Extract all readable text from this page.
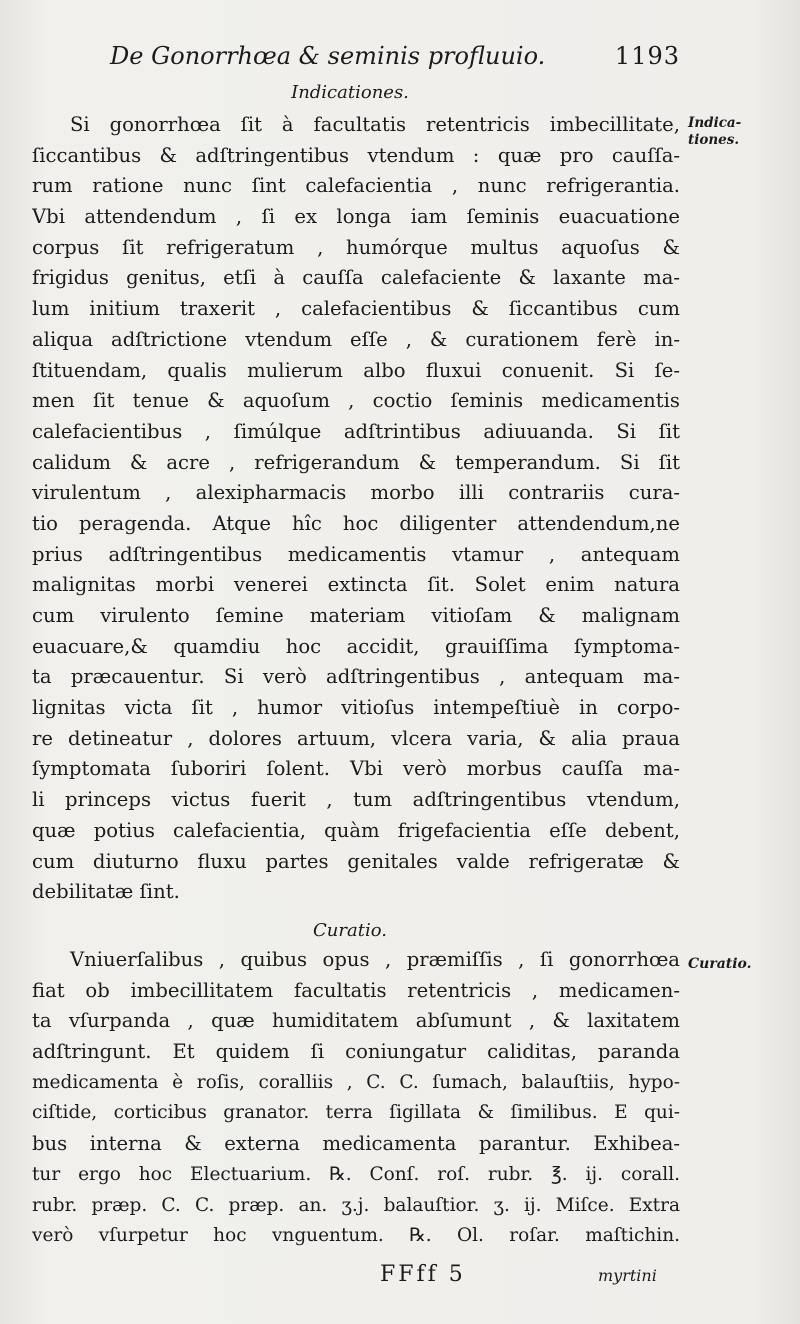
De Gonorrhœa & seminis profluuio.	1193
Indicationes.
Indica-
tiones.
Si gonorrhœa ſit à facultatis retentricis imbecillitate,
ſiccantibus & adſtringentibus vtendum : quæ pro cauſſa-
rum ratione nunc ſint calefacientia , nunc refrigerantia.
Vbi attendendum , ſi ex longa iam ſeminis euacuatione
corpus ſit refrigeratum , humórque multus aquoſus &
frigidus genitus, etſi à cauſſa calefaciente & laxante ma-
lum initium traxerit , calefacientibus & ſiccantibus cum
aliqua adſtrictione vtendum eſſe , & curationem ferè in-
ſtituendam, qualis mulierum albo fluxui conuenit. Si ſe-
men ſit tenue & aquoſum , coctio ſeminis medicamentis
calefacientibus , ſimúlque adſtrintibus adiuuanda. Si ſit
calidum & acre , refrigerandum & temperandum. Si ſit
virulentum , alexipharmacis morbo illi contrariis cura-
tio peragenda. Atque hîc hoc diligenter attendendum,ne
prius adſtringentibus medicamentis vtamur , antequam
malignitas morbi venerei extincta ſit. Solet enim natura
cum virulento ſemine materiam vitioſam & malignam
euacuare,& quamdiu hoc accidit, grauiſſima ſymptoma-
ta præcauentur. Si verò adſtringentibus , antequam ma-
lignitas victa ſit , humor vitioſus intempeſtiuè in corpo-
re detineatur , dolores artuum, vlcera varia, & alia praua
ſymptomata ſuboriri ſolent. Vbi verò morbus cauſſa ma-
li princeps victus fuerit , tum adſtringentibus vtendum,
quæ potius calefacientia, quàm frigefacientia eſſe debent,
cum diuturno fluxu partes genitales valde refrigeratæ &
debilitatæ ſint.
Curatio.
Curatio.
Vniuerſalibus , quibus opus , præmiſſis , ſi gonorrhœa
fiat ob imbecillitatem facultatis retentricis , medicamen-
ta vſurpanda , quæ humiditatem abſumunt , & laxitatem
adſtringunt. Et quidem ſi coniungatur caliditas, paranda
medicamenta è roſis, coralliis , C. C. ſumach, balauſtiis, hypo-
ciſtide, corticibus granator. terra ſigillata & ſimilibus. E qui-
bus interna & externa medicamenta parantur. Exhibea-
tur ergo hoc Electuarium. ℞. Conſ. roſ. rubr. ℥. ij. corall.
rubr. præp. C. C. præp. an. ʒ.j. balauſtior. ʒ. ij. Miſce. Extra
verò vſurpetur hoc vnguentum. ℞. Ol. roſar. maſtichin.
FFff 5	myrtini
